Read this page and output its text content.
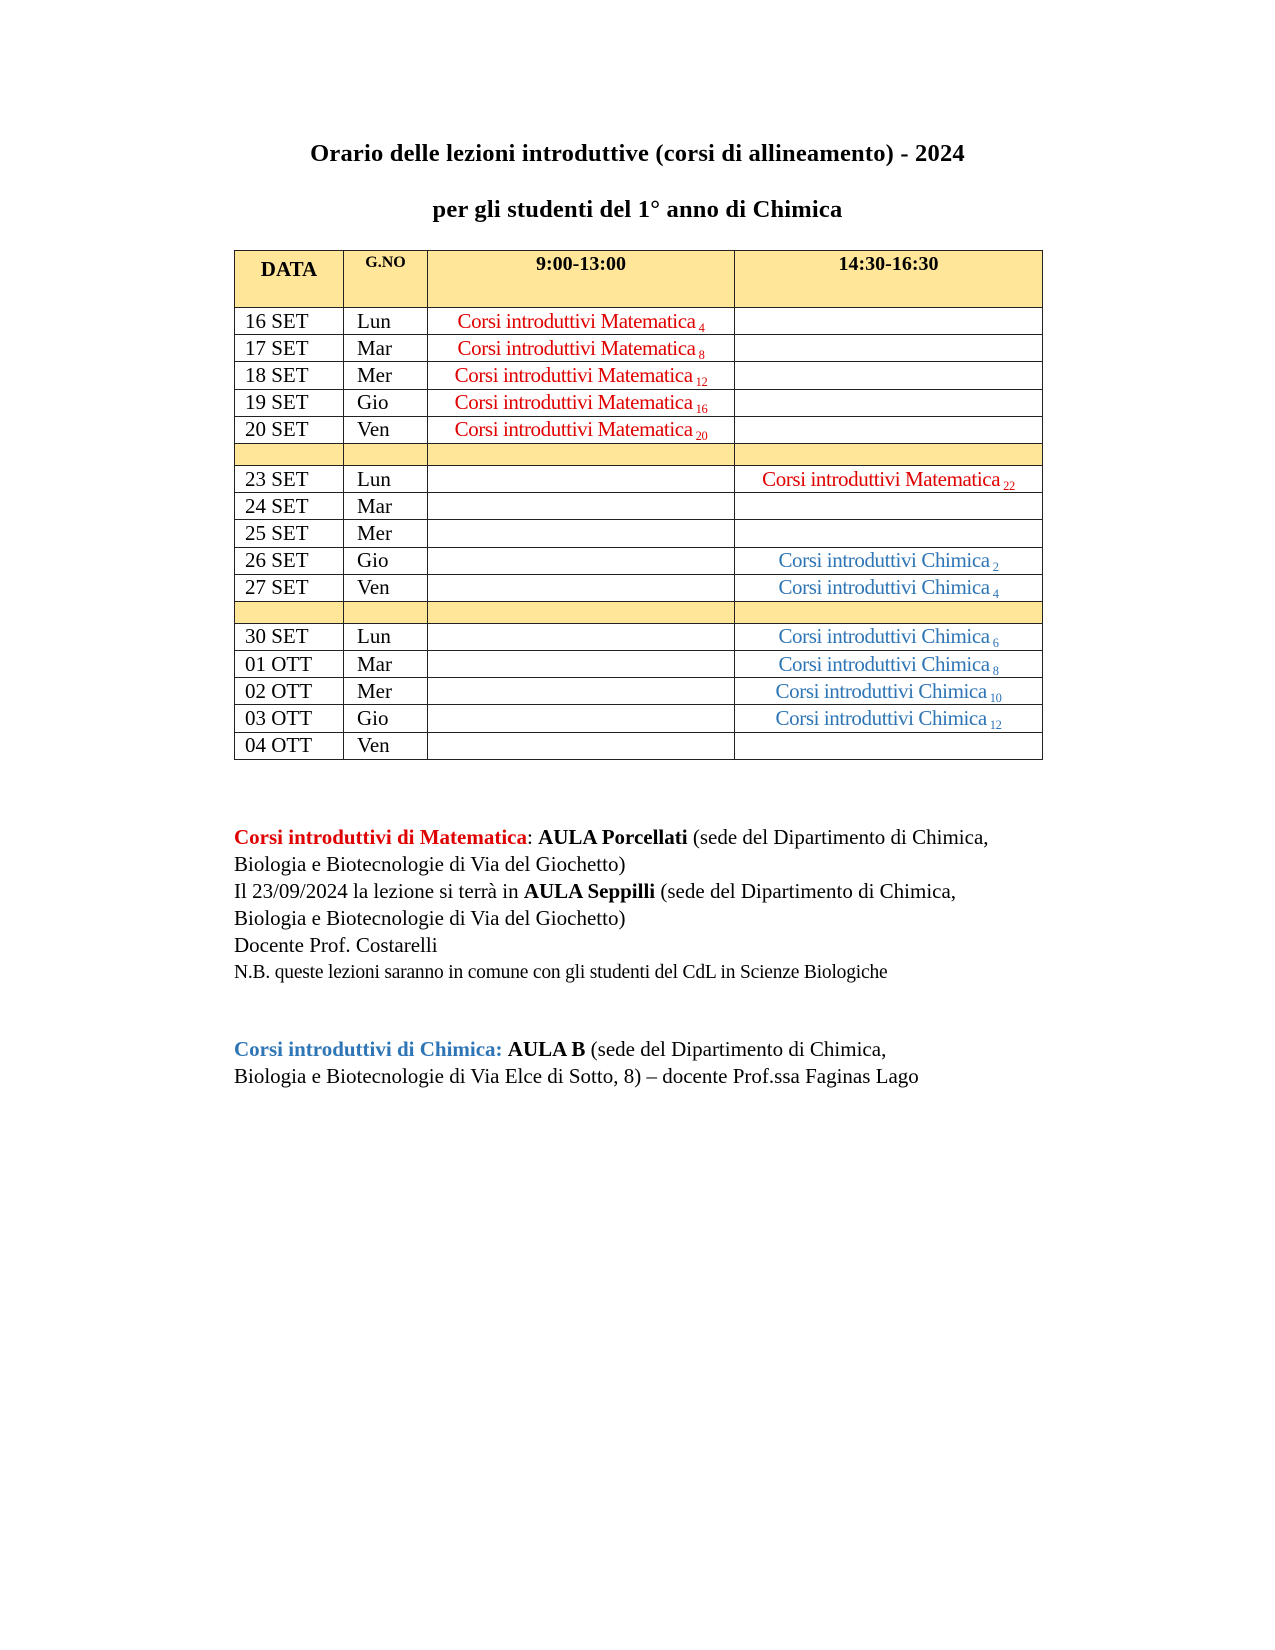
Orario delle lezioni introduttive (corsi di allineamento) - 2024
per gli studenti del 1° anno di Chimica
DATA	G.NO	9:00-13:00	14:30-16:30
16 SET	Lun	Corsi introduttivi Matematica 4	
17 SET	Mar	Corsi introduttivi Matematica 8	
18 SET	Mer	Corsi introduttivi Matematica 12	
19 SET	Gio	Corsi introduttivi Matematica 16	
20 SET	Ven	Corsi introduttivi Matematica 20	

23 SET	Lun		Corsi introduttivi Matematica 22
24 SET	Mar		
25 SET	Mer		
26 SET	Gio		Corsi introduttivi Chimica 2
27 SET	Ven		Corsi introduttivi Chimica 4

30 SET	Lun		Corsi introduttivi Chimica 6
01 OTT	Mar		Corsi introduttivi Chimica 8
02 OTT	Mer		Corsi introduttivi Chimica 10
03 OTT	Gio		Corsi introduttivi Chimica 12
04 OTT	Ven		

Corsi introduttivi di Matematica: AULA Porcellati (sede del Dipartimento di Chimica,

Biologia e Biotecnologie di Via del Giochetto)

Il 23/09/2024 la lezione si terrà in AULA Seppilli (sede del Dipartimento di Chimica,

Biologia e Biotecnologie di Via del Giochetto)

Docente Prof. Costarelli

N.B. queste lezioni saranno in comune con gli studenti del CdL in Scienze Biologiche

Corsi introduttivi di Chimica: AULA B (sede del Dipartimento di Chimica,

Biologia e Biotecnologie di Via Elce di Sotto, 8) – docente Prof.ssa Faginas Lago
